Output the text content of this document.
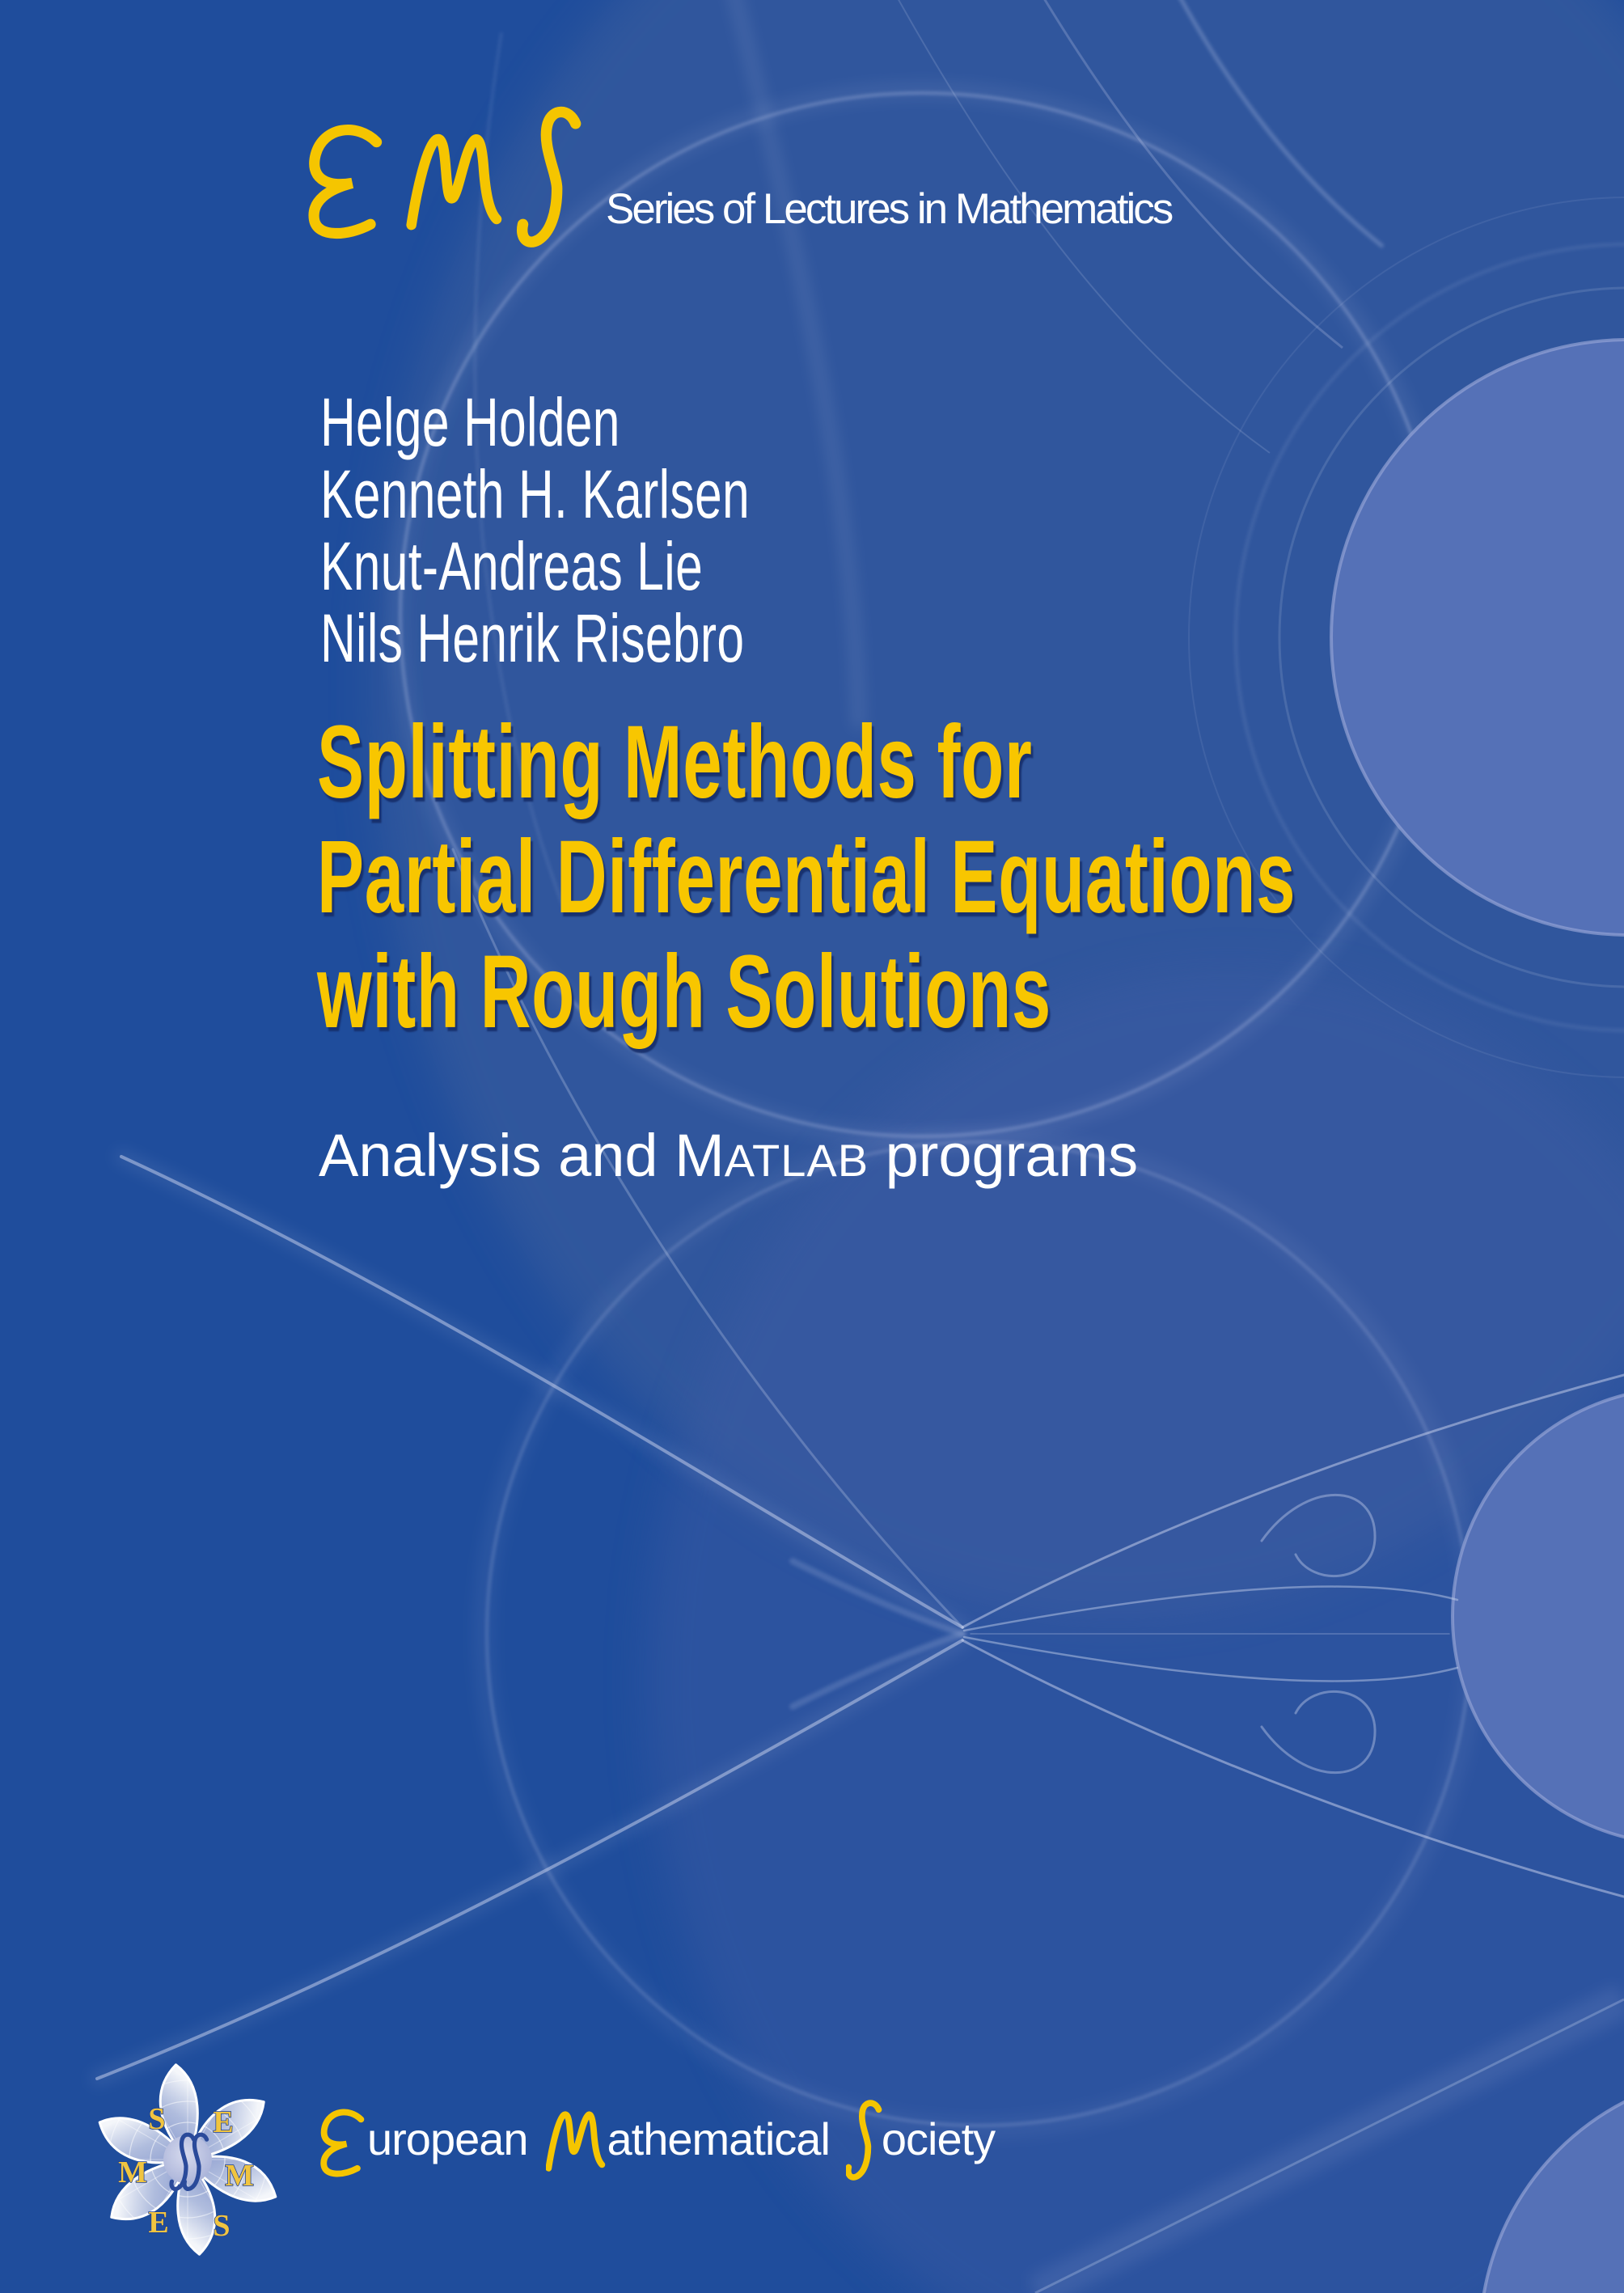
Series of Lectures in Mathematics
Helge Holden
Kenneth H. Karlsen
Knut-Andreas Lie
Nils Henrik Risebro
Splitting Methods for
Partial Differential Equations
with Rough Solutions
Analysis and MATLAB programs
S E
M	M
E S
uropean athematical ociety
